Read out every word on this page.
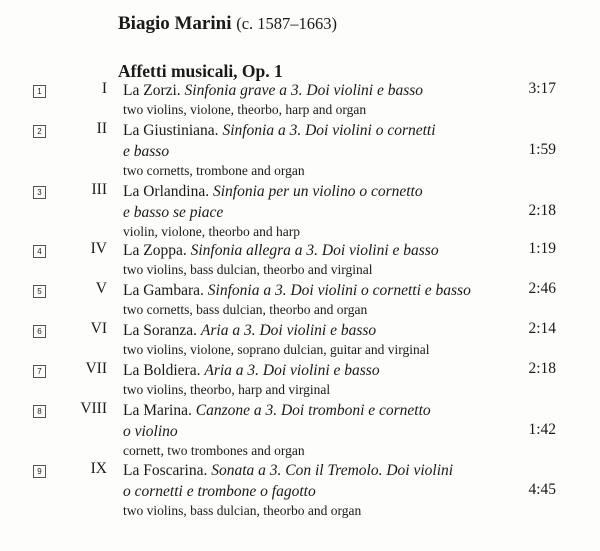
Biagio Marini (c. 1587–1663)
Affetti musicali, Op. 1
1	I La Zorzi. Sinfonia grave a 3. Doi violini e basso
two violins, violone, theorbo, harp and organ
3:17
2	II La Giustiniana. Sinfonia a 3. Doi violini o cornetti
e basso
two cornetts, trombone and organ
1:59
3	III La Orlandina. Sinfonia per un violino o cornetto
e basso se piace
violin, violone, theorbo and harp
2:18
4	IV La Zoppa. Sinfonia allegra a 3. Doi violini e basso
two violins, bass dulcian, theorbo and virginal
1:19
5	V La Gambara. Sinfonia a 3. Doi violini o cornetti e basso
two cornetts, bass dulcian, theorbo and organ
2:46
6	VI La Soranza. Aria a 3. Doi violini e basso
two violins, violone, soprano dulcian, guitar and virginal
2:14
7	VII La Boldiera. Aria a 3. Doi violini e basso
two violins, theorbo, harp and virginal
2:18
8 VIII La Marina. Canzone a 3. Doi tromboni e cornetto
o violino
cornett, two trombones and organ
1:42
9	IX La Foscarina. Sonata a 3. Con il Tremolo. Doi violini
o cornetti e trombone o fagotto
two violins, bass dulcian, theorbo and organ
4:45
